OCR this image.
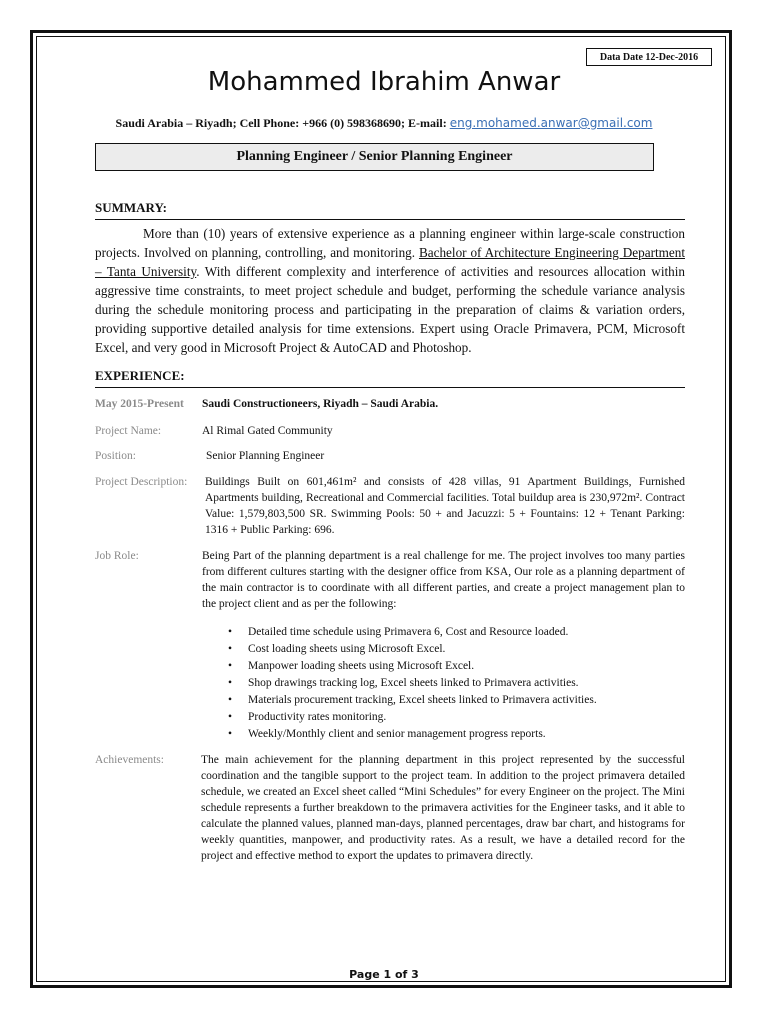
Data Date 12-Dec-2016
Mohammed Ibrahim Anwar
Saudi Arabia – Riyadh; Cell Phone: +966 (0) 598368690; E-mail: eng.mohamed.anwar@gmail.com
Planning Engineer / Senior Planning Engineer
SUMMARY:
More than (10) years of extensive experience as a planning engineer within large-scale construction projects. Involved on planning, controlling, and monitoring. Bachelor of Architecture Engineering Department – Tanta University. With different complexity and interference of activities and resources allocation within aggressive time constraints, to meet project schedule and budget, performing the schedule variance analysis during the schedule monitoring process and participating in the preparation of claims & variation orders, providing supportive detailed analysis for time extensions. Expert using Oracle Primavera, PCM, Microsoft Excel, and very good in Microsoft Project & AutoCAD and Photoshop.
EXPERIENCE:
May 2015-Present Saudi Constructioneers, Riyadh – Saudi Arabia.
Project Name:	Al Rimal Gated Community
Position:	Senior Planning Engineer
Project Description: Buildings Built on 601,461m² and consists of 428 villas, 91 Apartment Buildings, Furnished Apartments building, Recreational and Commercial facilities. Total buildup area is 230,972m². Contract Value: 1,579,803,500 SR. Swimming Pools: 50 + and Jacuzzi: 5 + Fountains: 12 + Tenant Parking: 1316 + Public Parking: 696.
Job Role:	Being Part of the planning department is a real challenge for me. The project involves too many parties from different cultures starting with the designer office from KSA, Our role as a planning department of the main contractor is to coordinate with all different parties, and create a project management plan to the project client and as per the following:
• Detailed time schedule using Primavera 6, Cost and Resource loaded.
• Cost loading sheets using Microsoft Excel.
• Manpower loading sheets using Microsoft Excel.
• Shop drawings tracking log, Excel sheets linked to Primavera activities.
• Materials procurement tracking, Excel sheets linked to Primavera activities.
• Productivity rates monitoring.
• Weekly/Monthly client and senior management progress reports.
Achievements:	The main achievement for the planning department in this project represented by the successful coordination and the tangible support to the project team. In addition to the project primavera detailed schedule, we created an Excel sheet called “Mini Schedules” for every Engineer on the project. The Mini schedule represents a further breakdown to the primavera activities for the Engineer tasks, and it able to calculate the planned values, planned man-days, planned percentages, draw bar chart, and histograms for weekly quantities, manpower, and productivity rates. As a result, we have a detailed record for the project and effective method to export the updates to primavera directly.
Page 1 of 3
